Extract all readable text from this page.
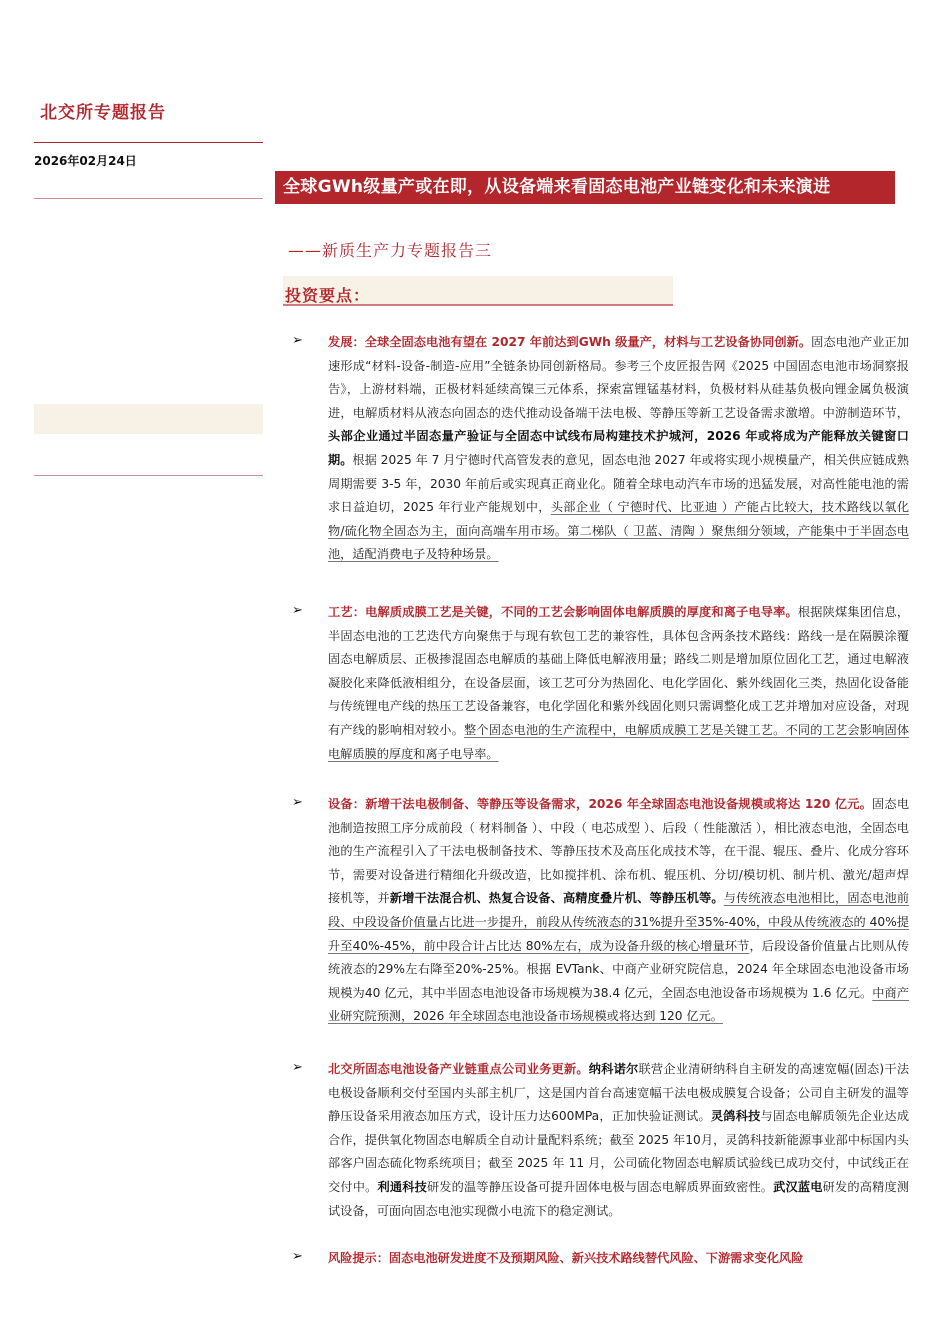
北交所专题报告
2026年02月24日
全球GWh级量产或在即，从设备端来看固态电池产业链变化和未来演进
——新质生产力专题报告三
投资要点：
➢ 发展：全球全固态电池有望在 2027 年前达到GWh 级量产，材料与工艺设备协同创新。固态电池产业正加速形成“材料-设备-制造-应用”全链条协同创新格局。参考三个皮匠报告网《2025 中国固态电池市场洞察报告》，上游材料端，正极材料延续高镍三元体系，探索富锂锰基材料，负极材料从硅基负极向锂金属负极演进，电解质材料从液态向固态的迭代推动设备端干法电极、等静压等新工艺设备需求激增。中游制造环节，头部企业通过半固态量产验证与全固态中试线布局构建技术护城河，2026 年或将成为产能释放关键窗口期。根据 2025 年 7 月宁德时代高管发表的意见，固态电池 2027 年或将实现小规模量产，相关供应链成熟周期需要 3-5 年，2030 年前后或实现真正商业化。随着全球电动汽车市场的迅猛发展，对高性能电池的需求日益迫切，2025 年行业产能规划中，头部企业（ 宁德时代、比亚迪 ）产能占比较大，技术路线以氧化物/硫化物全固态为主，面向高端车用市场。第二梯队（ 卫蓝、清陶 ）聚焦细分领域，产能集中于半固态电池，适配消费电子及特种场景。
➢ 工艺：电解质成膜工艺是关键，不同的工艺会影响固体电解质膜的厚度和离子电导率。根据陕煤集团信息，半固态电池的工艺迭代方向聚焦于与现有软包工艺的兼容性，具体包含两条技术路线：路线一是在隔膜涂覆固态电解质层、正极掺混固态电解质的基础上降低电解液用量；路线二则是增加原位固化工艺，通过电解液凝胶化来降低液相组分，在设备层面，该工艺可分为热固化、电化学固化、紫外线固化三类，热固化设备能与传统锂电产线的热压工艺设备兼容，电化学固化和紫外线固化则只需调整化成工艺并增加对应设备，对现有产线的影响相对较小。整个固态电池的生产流程中，电解质成膜工艺是关键工艺。不同的工艺会影响固体电解质膜的厚度和离子电导率。
➢ 设备：新增干法电极制备、等静压等设备需求，2026 年全球固态电池设备规模或将达 120 亿元。固态电池制造按照工序分成前段（ 材料制备 ）、中段（ 电芯成型 ）、后段（ 性能激活 ），相比液态电池，全固态电池的生产流程引入了干法电极制备技术、等静压技术及高压化成技术等，在干混、辊压、叠片、化成分容环节，需要对设备进行精细化升级改造，比如搅拌机、涂布机、辊压机、分切/模切机、制片机、激光/超声焊接机等，并新增干法混合机、热复合设备、高精度叠片机、等静压机等。与传统液态电池相比，固态电池前段、中段设备价值量占比进一步提升，前段从传统液态的31%提升至35%-40%，中段从传统液态的 40%提升至40%-45%，前中段合计占比达 80%左右，成为设备升级的核心增量环节，后段设备价值量占比则从传统液态的29%左右降至20%-25%。根据 EVTank、中商产业研究院信息，2024 年全球固态电池设备市场规模为40 亿元，其中半固态电池设备市场规模为38.4 亿元，全固态电池设备市场规模为 1.6 亿元。中商产业研究院预测，2026 年全球固态电池设备市场规模或将达到 120 亿元。
➢ 北交所固态电池设备产业链重点公司业务更新。纳科诺尔联营企业清研纳科自主研发的高速宽幅(固态)干法电极设备顺利交付至国内头部主机厂，这是国内首台高速宽幅干法电极成膜复合设备；公司自主研发的温等静压设备采用液态加压方式，设计压力达600MPa，正加快验证测试。灵鸽科技与固态电解质领先企业达成合作，提供氧化物固态电解质全自动计量配料系统；截至 2025 年10月，灵鸽科技新能源事业部中标国内头部客户固态硫化物系统项目；截至 2025 年 11 月，公司硫化物固态电解质试验线已成功交付，中试线正在交付中。利通科技研发的温等静压设备可提升固体电极与固态电解质界面致密性。武汉蓝电研发的高精度测试设备，可面向固态电池实现微小电流下的稳定测试。
➢ 风险提示：固态电池研发进度不及预期风险、新兴技术路线替代风险、下游需求变化风险
